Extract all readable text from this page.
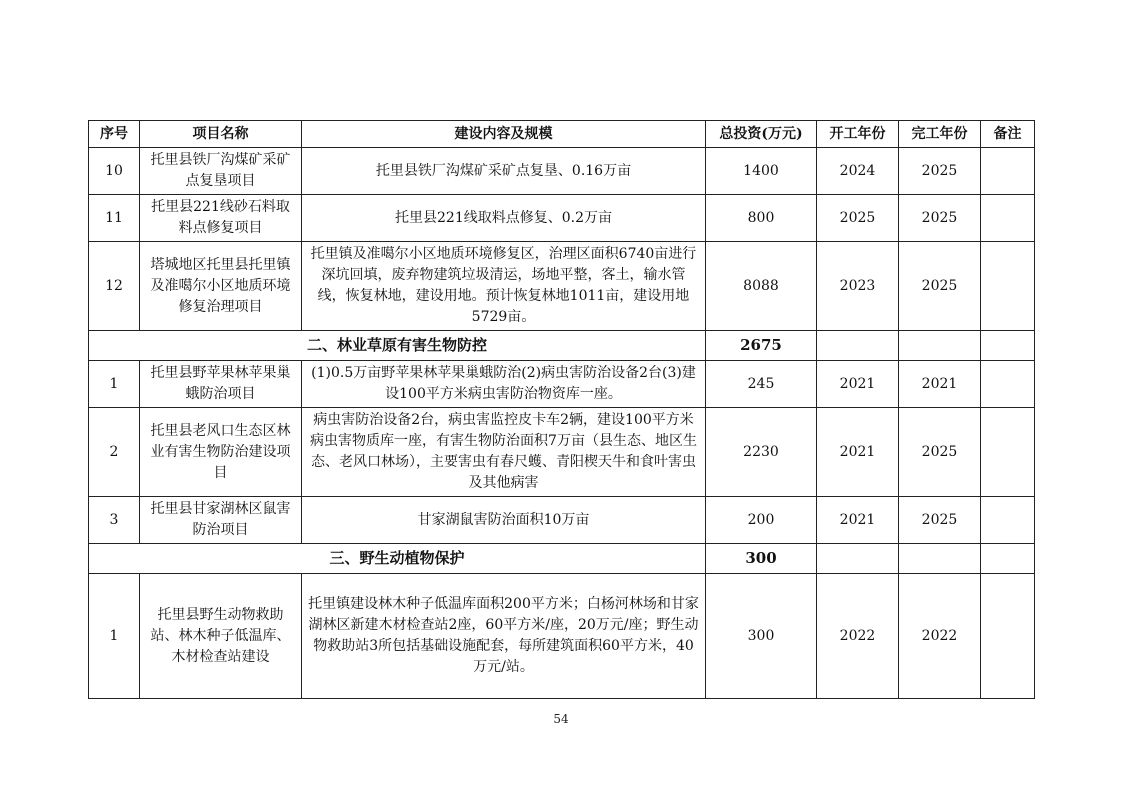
序号	项目名称	建设内容及规模	总投资(万元)	开工年份	完工年份	备注
10	托里县铁厂沟煤矿采矿点复垦项目	托里县铁厂沟煤矿采矿点复垦、0.16万亩	1400	2024	2025	
11	托里县221线砂石料取料点修复项目	托里县221线取料点修复、0.2万亩	800	2025	2025	
12	塔城地区托里县托里镇及准噶尔小区地质环境修复治理项目	托里镇及准噶尔小区地质环境修复区，治理区面积6740亩进行深坑回填，废弃物建筑垃圾清运，场地平整，客土，输水管线，恢复林地，建设用地。预计恢复林地1011亩，建设用地5729亩。	8088	2023	2025	
二、林业草原有害生物防控			2675			
1	托里县野苹果林苹果巢蛾防治项目	(1)0.5万亩野苹果林苹果巢蛾防治(2)病虫害防治设备2台(3)建设100平方米病虫害防治物资库一座。	245	2021	2021	
2	托里县老风口生态区林业有害生物防治建设项目	病虫害防治设备2台，病虫害监控皮卡车2辆，建设100平方米病虫害物质库一座，有害生物防治面积7万亩（县生态、地区生态、老风口林场），主要害虫有春尺蠖、青阳楔天牛和食叶害虫及其他病害	2230	2021	2025	
3	托里县甘家湖林区鼠害防治项目	甘家湖鼠害防治面积10万亩	200	2021	2025	
三、野生动植物保护			300			
1	托里县野生动物救助站、林木种子低温库、木材检查站建设	托里镇建设林木种子低温库面积200平方米；白杨河林场和甘家湖林区新建木材检查站2座，60平方米/座，20万元/座；野生动物救助站3所包括基础设施配套，每所建筑面积60平方米，40万元/站。	300	2022	2022	
54
